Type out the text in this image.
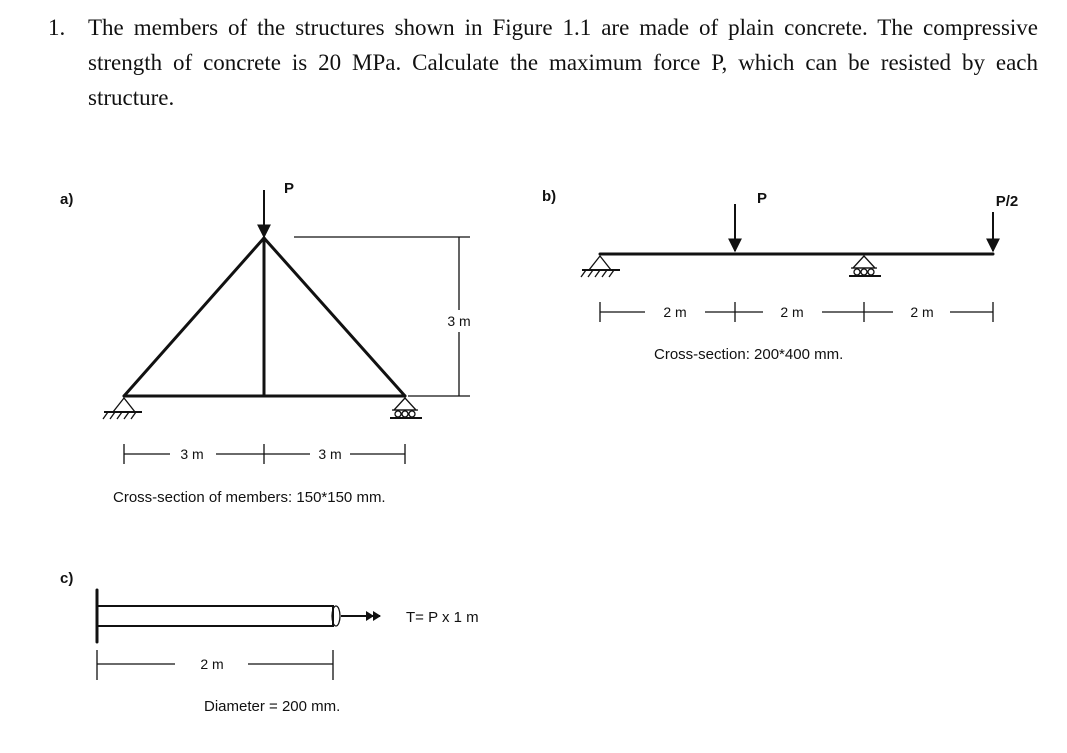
1. The members of the structures shown in Figure 1.1 are made of plain concrete. The compressive strength of concrete is 20 MPa. Calculate the maximum force P, which can be resisted by each structure.
a)
P
3 m
3 m	3 m
Cross-section of members: 150*150 mm.
b)	P	P/2
2 m	2 m	2 m
Cross-section: 200*400 mm.
c)
T= P x 1 m
2 m
Diameter = 200 mm.
